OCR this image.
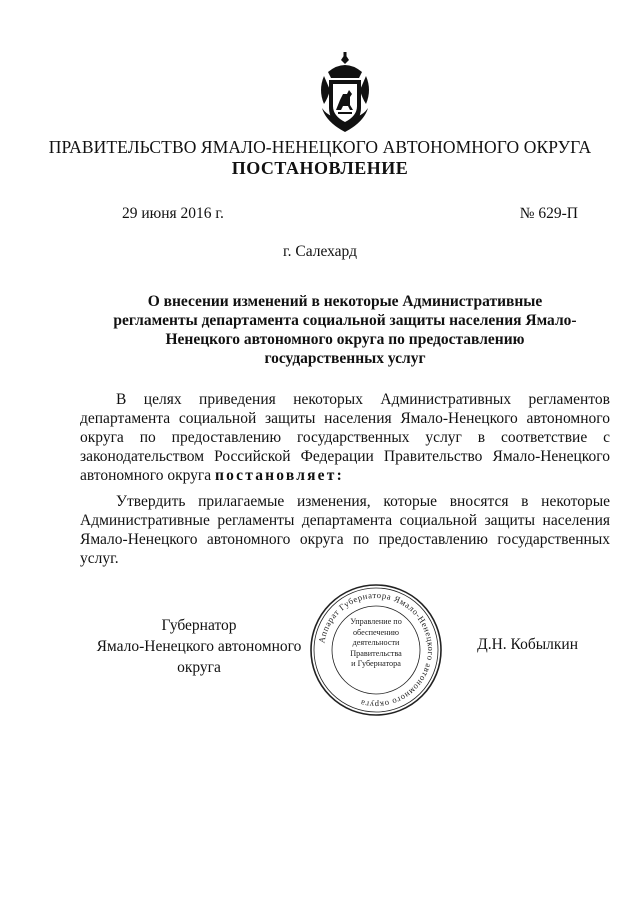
ПРАВИТЕЛЬСТВО ЯМАЛО-НЕНЕЦКОГО АВТОНОМНОГО ОКРУГА
ПОСТАНОВЛЕНИЕ
29 июня 2016 г.	№ 629-П
г. Салехард
О внесении изменений в некоторые Административные регламенты департамента социальной защиты населения Ямало-Ненецкого автономного округа по предоставлению государственных услуг
В целях приведения некоторых Административных регламентов департамента социальной защиты населения Ямало-Ненецкого автономного округа по предоставлению государственных услуг в соответствие с законодательством Российской Федерации Правительство Ямало-Ненецкого автономного округа постановляет:
Утвердить прилагаемые изменения, которые вносятся в некоторые Административные регламенты департамента социальной защиты населения Ямало-Ненецкого автономного округа по предоставлению государственных услуг.
Губернатор
Ямало-Ненецкого автономного округа
Д.Н. Кобылкин
Аппарат Губернатора Ямало-Ненецкого автономного округа
Управление по
обеспечению
деятельности
Правительства
и Губернатора
